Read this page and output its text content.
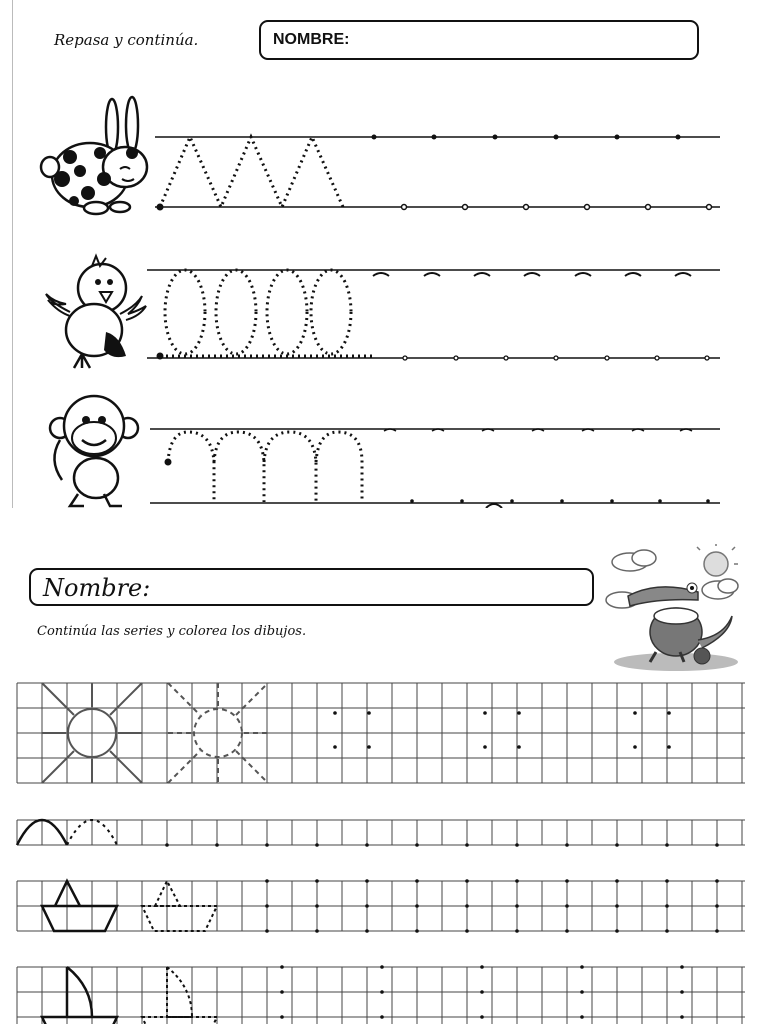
Repasa y continúa.	NOMBRE:
Nombre:
Continúa las series y colorea los dibujos.
